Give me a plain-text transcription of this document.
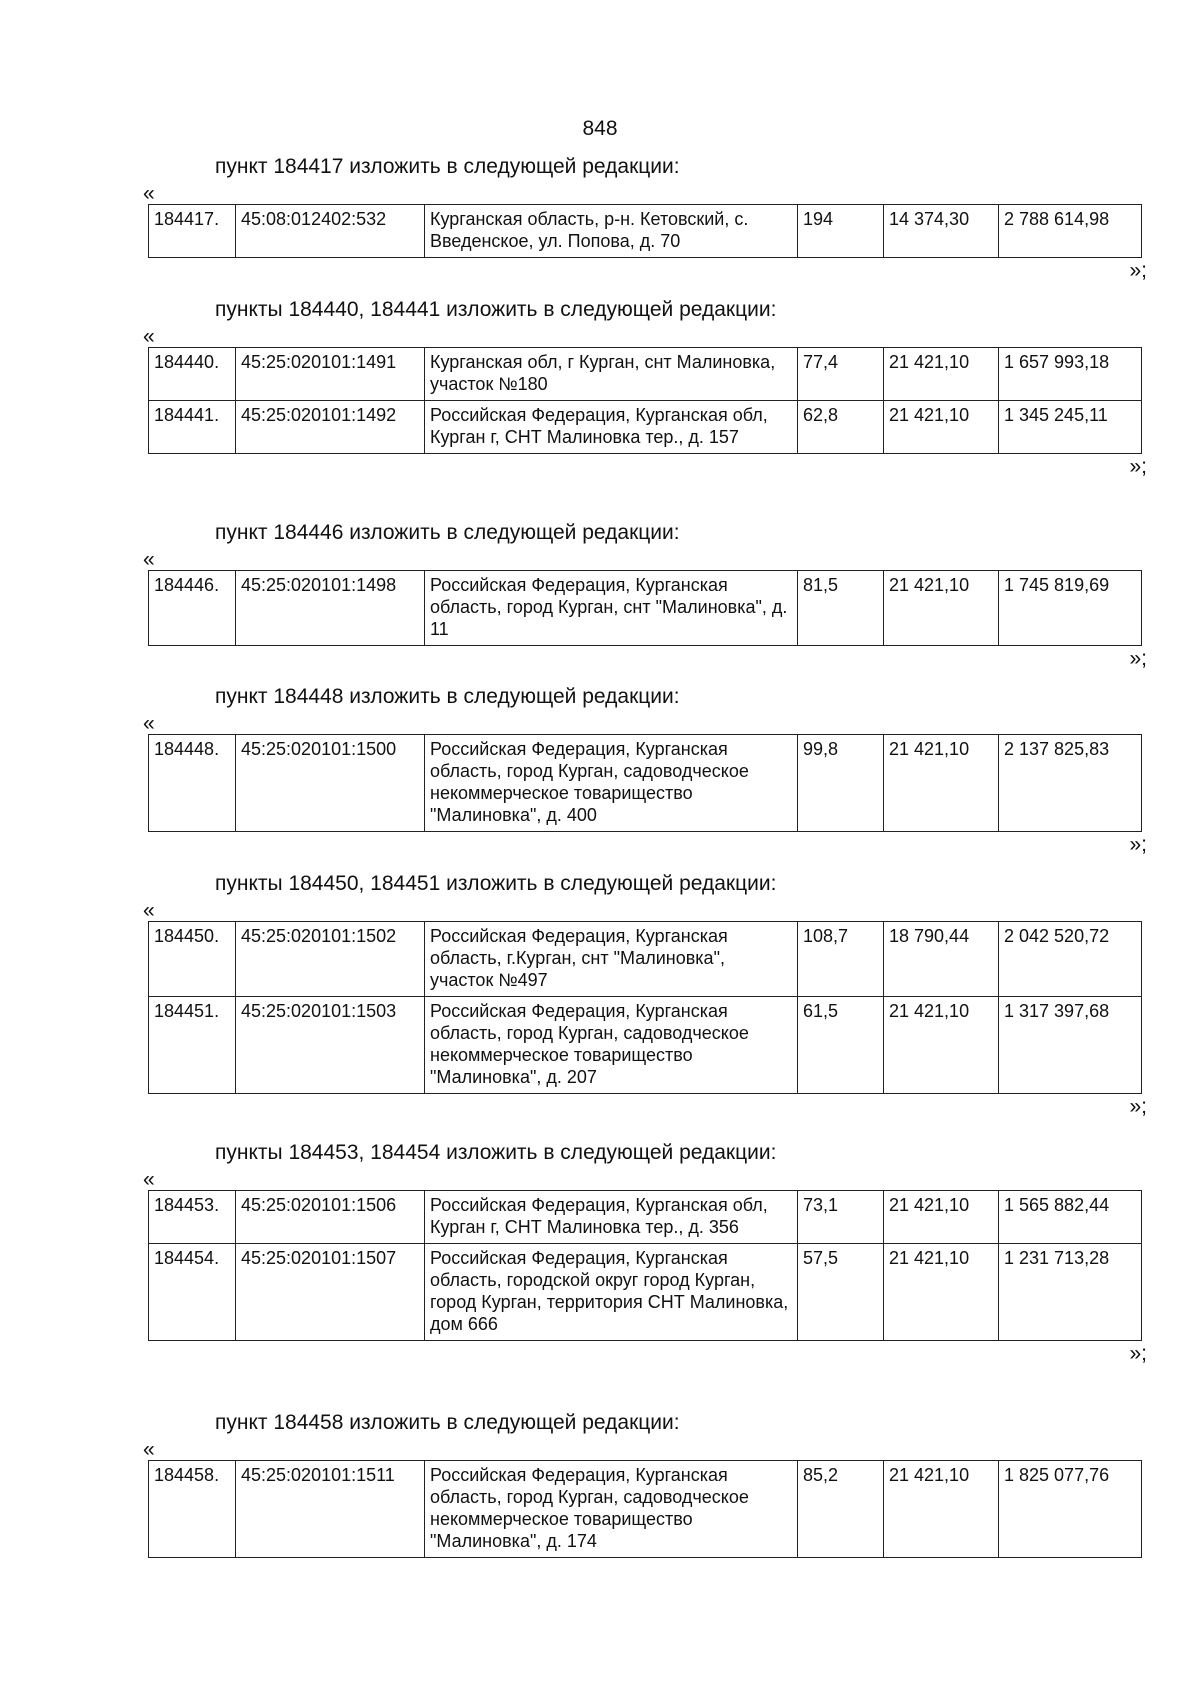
848
пункт 184417 изложить в следующей редакции:
«
184417.	45:08:012402:532	Курганская область, р-н. Кетовский, с. Введенское, ул. Попова, д. 70	194	14 374,30	2 788 614,98
»;
пункты 184440, 184441 изложить в следующей редакции:
«
184440.	45:25:020101:1491	Курганская обл, г Курган, снт Малиновка, участок №180	77,4	21 421,10	1 657 993,18
184441.	45:25:020101:1492	Российская Федерация, Курганская обл, Курган г, СНТ Малиновка тер., д. 157	62,8	21 421,10	1 345 245,11
»;
пункт 184446 изложить в следующей редакции:
«
184446.	45:25:020101:1498	Российская Федерация, Курганская область, город Курган, снт "Малиновка", д. 11	81,5	21 421,10	1 745 819,69
»;
пункт 184448 изложить в следующей редакции:
«
184448.	45:25:020101:1500	Российская Федерация, Курганская область, город Курган, садоводческое некоммерческое товарищество "Малиновка", д. 400	99,8	21 421,10	2 137 825,83
»;
пункты 184450, 184451 изложить в следующей редакции:
«
184450.	45:25:020101:1502	Российская Федерация, Курганская область, г.Курган, снт "Малиновка", участок №497	108,7	18 790,44	2 042 520,72
184451.	45:25:020101:1503	Российская Федерация, Курганская область, город Курган, садоводческое некоммерческое товарищество "Малиновка", д. 207	61,5	21 421,10	1 317 397,68
»;
пункты 184453, 184454 изложить в следующей редакции:
«
184453.	45:25:020101:1506	Российская Федерация, Курганская обл, Курган г, СНТ Малиновка тер., д. 356	73,1	21 421,10	1 565 882,44
184454.	45:25:020101:1507	Российская Федерация, Курганская область, городской округ город Курган, город Курган, территория СНТ Малиновка, дом 666	57,5	21 421,10	1 231 713,28
»;
пункт 184458 изложить в следующей редакции:
«
184458.	45:25:020101:1511	Российская Федерация, Курганская область, город Курган, садоводческое некоммерческое товарищество "Малиновка", д. 174	85,2	21 421,10	1 825 077,76
